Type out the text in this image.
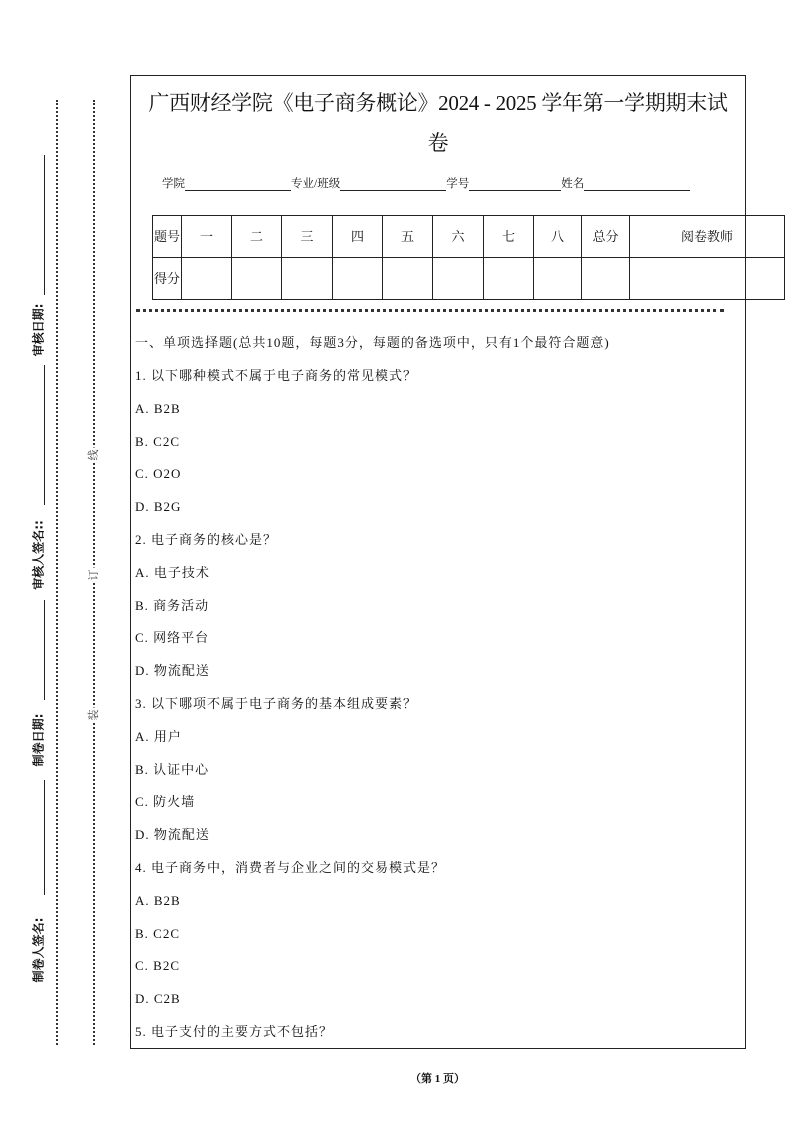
审核日期:
审核人签名::
制卷日期:
制卷人签名:
线
订
装
广西财经学院《电子商务概论》2024 - 2025 学年第一学期期末试
卷
学院	专业/班级	学号	姓名
题号	一	二	三	四	五	六	七	八	总分	阅卷教师
得分										
一、单项选择题(总共10题，每题3分，每题的备选项中，只有1个最符合题意)
1. 以下哪种模式不属于电子商务的常见模式？
A. B2B
B. C2C
C. O2O
D. B2G
2. 电子商务的核心是？
A. 电子技术
B. 商务活动
C. 网络平台
D. 物流配送
3. 以下哪项不属于电子商务的基本组成要素？
A. 用户
B. 认证中心
C. 防火墙
D. 物流配送
4. 电子商务中，消费者与企业之间的交易模式是？
A. B2B
B. C2C
C. B2C
D. C2B
5. 电子支付的主要方式不包括？
（第 1 页）
